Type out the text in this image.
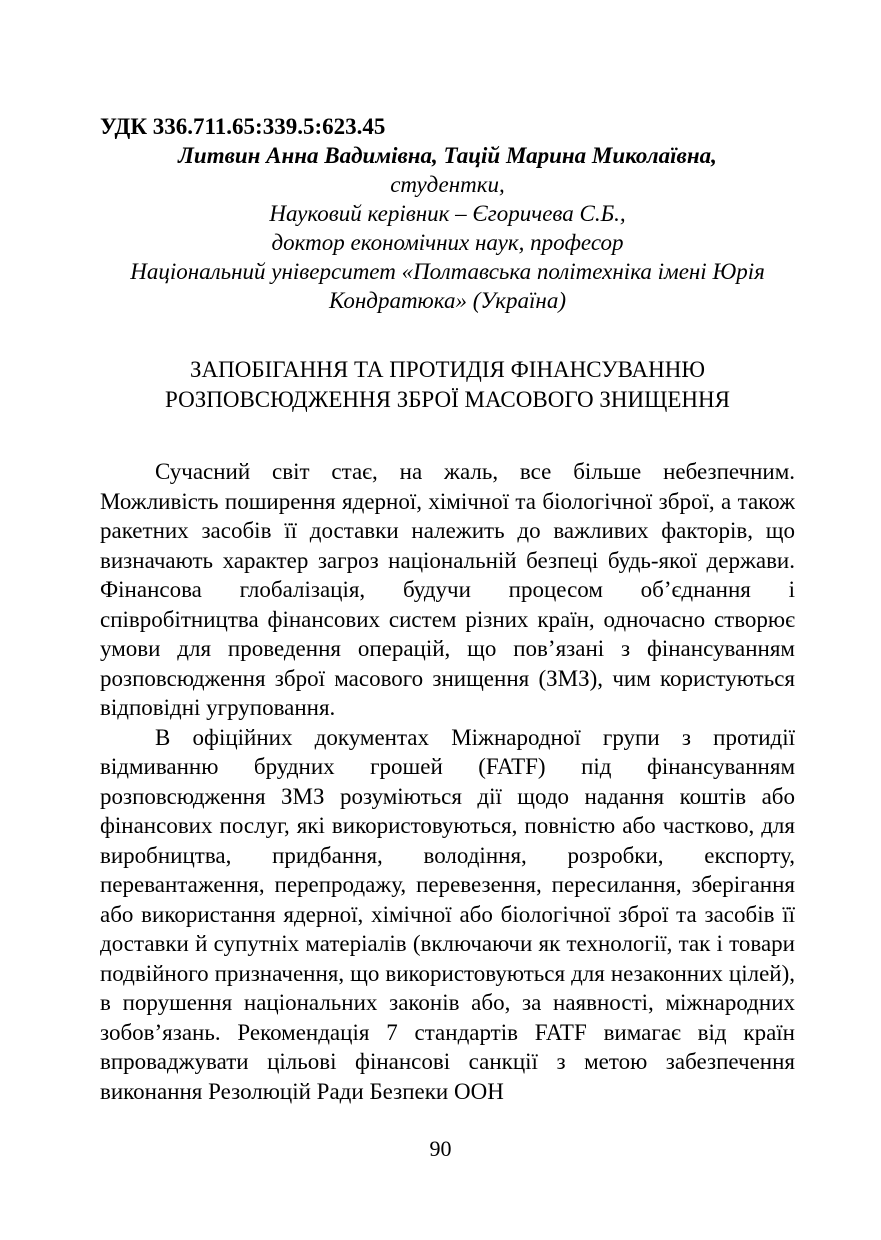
УДК 336.711.65:339.5:623.45
Литвин Анна Вадимівна, Тацій Марина Миколаївна,
студентки,
Науковий керівник – Єгоричева С.Б.,
доктор економічних наук, професор
Національний університет «Полтавська політехніка імені Юрія Кондратюка» (Україна)
ЗАПОБІГАННЯ ТА ПРОТИДІЯ ФІНАНСУВАННЮ РОЗПОВСЮДЖЕННЯ ЗБРОЇ МАСОВОГО ЗНИЩЕННЯ

Сучасний світ стає, на жаль, все більше небезпечним. Можливість поширення ядерної, хімічної та біологічної зброї, а також ракетних засобів її доставки належить до важливих факторів, що визначають характер загроз національній безпеці будь-якої держави. Фінансова глобалізація, будучи процесом об’єднання і співробітництва фінансових систем різних країн, одночасно створює умови для проведення операцій, що пов’язані з фінансуванням розповсюдження зброї масового знищення (ЗМЗ), чим користуються відповідні угруповання.

В офіційних документах Міжнародної групи з протидії відмиванню брудних грошей (FATF) під фінансуванням розповсюдження ЗМЗ розуміються дії щодо надання коштів або фінансових послуг, які використовуються, повністю або частково, для виробництва, придбання, володіння, розробки, експорту, перевантаження, перепродажу, перевезення, пересилання, зберігання або використання ядерної, хімічної або біологічної зброї та засобів її доставки й супутніх матеріалів (включаючи як технології, так і товари подвійного призначення, що використовуються для незаконних цілей), в порушення національних законів або, за наявності, міжнародних зобов’язань. Рекомендація 7 стандартів FATF вимагає від країн впроваджувати цільові фінансові санкції з метою забезпечення виконання Резолюцій Ради Безпеки ООН

90
